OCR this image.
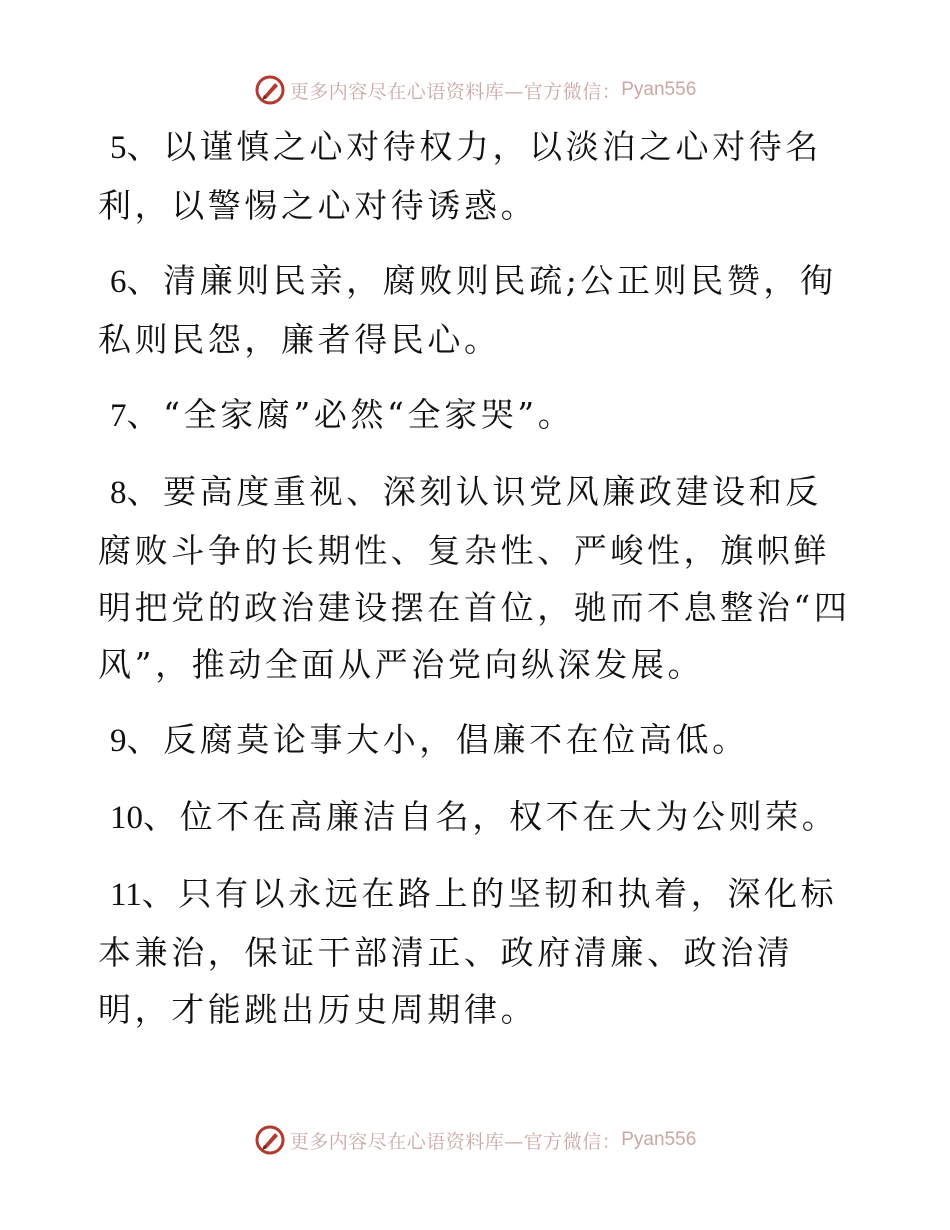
更多内容尽在心语资料库—官方微信： Pyan556

5、以谨慎之心对待权力，以淡泊之心对待名利，以警惕之心对待诱惑。

6、清廉则民亲，腐败则民疏;公正则民赞，徇私则民怨，廉者得民心。

7、“全家腐”必然“全家哭”。

8、要高度重视、深刻认识党风廉政建设和反腐败斗争的长期性、复杂性、严峻性，旗帜鲜明把党的政治建设摆在首位，驰而不息整治“四风”，推动全面从严治党向纵深发展。

9、反腐莫论事大小，倡廉不在位高低。

10、位不在高廉洁自名，权不在大为公则荣。

11、只有以永远在路上的坚韧和执着，深化标本兼治，保证干部清正、政府清廉、政治清明，才能跳出历史周期律。

更多内容尽在心语资料库—官方微信： Pyan556
